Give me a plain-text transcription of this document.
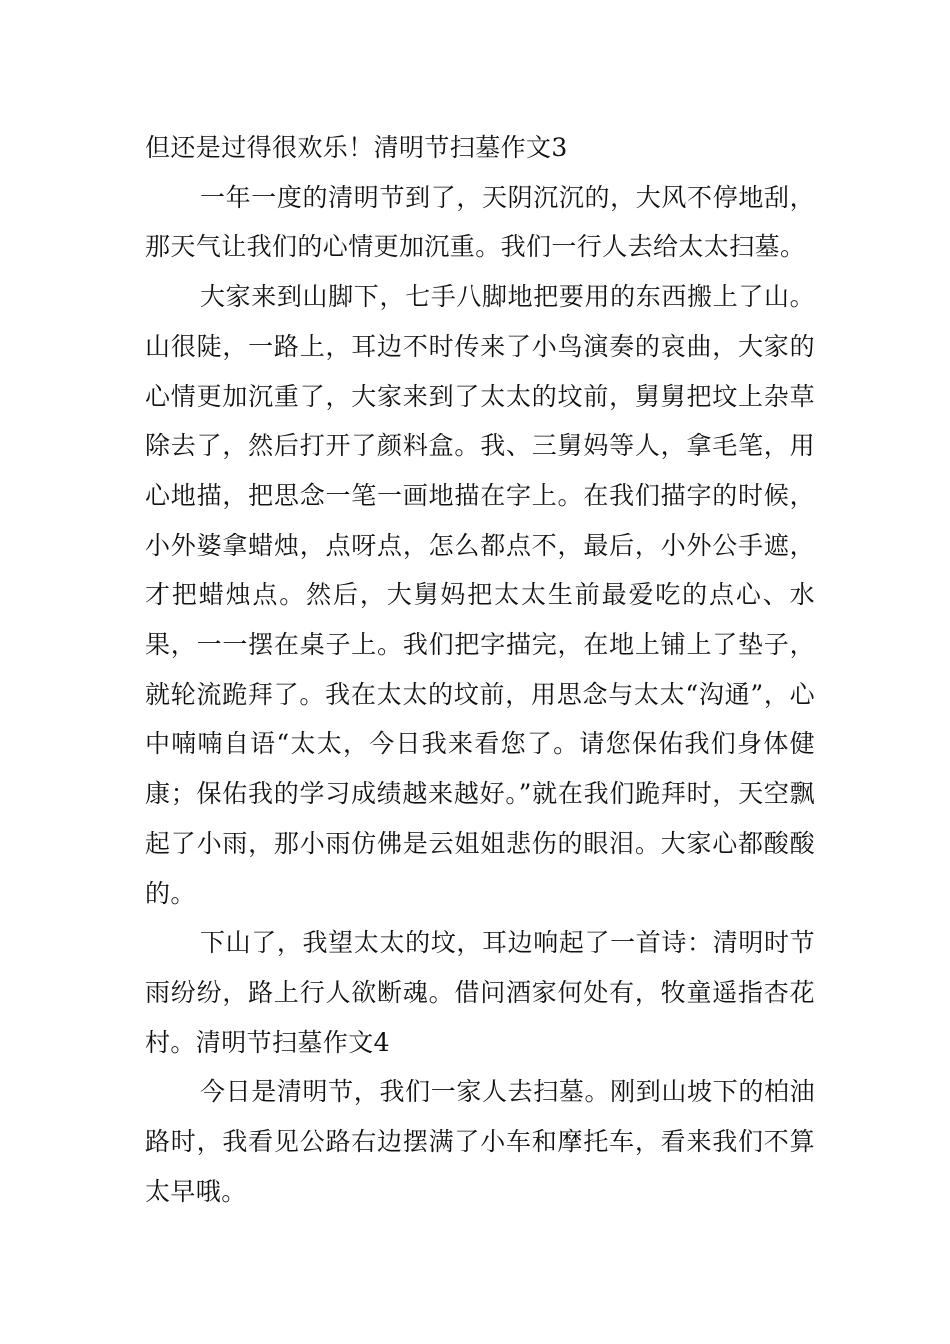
但还是过得很欢乐！清明节扫墓作文3

一年一度的清明节到了，天阴沉沉的，大风不停地刮，那天气让我们的心情更加沉重。我们一行人去给太太扫墓。

大家来到山脚下，七手八脚地把要用的东西搬上了山。山很陡，一路上，耳边不时传来了小鸟演奏的哀曲，大家的心情更加沉重了，大家来到了太太的坟前，舅舅把坟上杂草除去了，然后打开了颜料盒。我、三舅妈等人，拿毛笔，用心地描，把思念一笔一画地描在字上。在我们描字的时候，小外婆拿蜡烛，点呀点，怎么都点不，最后，小外公手遮，才把蜡烛点。然后，大舅妈把太太生前最爱吃的点心、水果，一一摆在桌子上。我们把字描完，在地上铺上了垫子，就轮流跪拜了。我在太太的坟前，用思念与太太“沟通”，心中喃喃自语“太太，今日我来看您了。请您保佑我们身体健康；保佑我的学习成绩越来越好。”就在我们跪拜时，天空飘起了小雨，那小雨仿佛是云姐姐悲伤的眼泪。大家心都酸酸的。

下山了，我望太太的坟，耳边响起了一首诗：清明时节雨纷纷，路上行人欲断魂。借问酒家何处有，牧童遥指杏花村。清明节扫墓作文4

今日是清明节，我们一家人去扫墓。刚到山坡下的柏油路时，我看见公路右边摆满了小车和摩托车，看来我们不算太早哦。
